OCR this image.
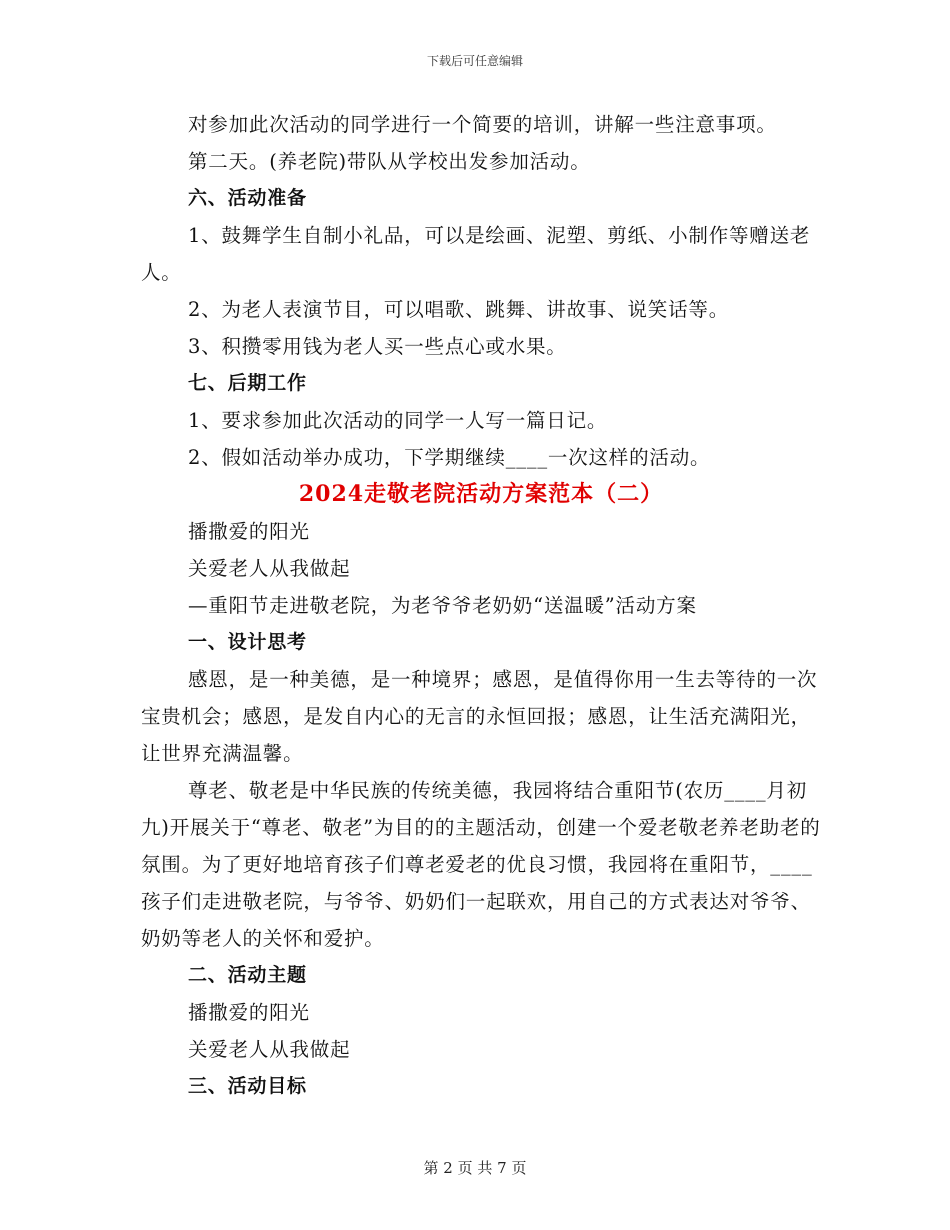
下载后可任意编辑

对参加此次活动的同学进行一个简要的培训，讲解一些注意事项。

第二天。(养老院)带队从学校出发参加活动。

六、活动准备

1、鼓舞学生自制小礼品，可以是绘画、泥塑、剪纸、小制作等赠送老人。

2、为老人表演节目，可以唱歌、跳舞、讲故事、说笑话等。

3、积攒零用钱为老人买一些点心或水果。

七、后期工作

1、要求参加此次活动的同学一人写一篇日记。

2、假如活动举办成功，下学期继续____一次这样的活动。

2024走敬老院活动方案范本（二）

播撒爱的阳光

关爱老人从我做起

—重阳节走进敬老院，为老爷爷老奶奶“送温暖”活动方案

一、设计思考

感恩，是一种美德，是一种境界；感恩，是值得你用一生去等待的一次宝贵机会；感恩，是发自内心的无言的永恒回报；感恩，让生活充满阳光，让世界充满温馨。

尊老、敬老是中华民族的传统美德，我园将结合重阳节(农历____月初九)开展关于“尊老、敬老”为目的的主题活动，创建一个爱老敬老养老助老的氛围。为了更好地培育孩子们尊老爱老的优良习惯，我园将在重阳节，____孩子们走进敬老院，与爷爷、奶奶们一起联欢，用自己的方式表达对爷爷、奶奶等老人的关怀和爱护。

二、活动主题

播撒爱的阳光

关爱老人从我做起

三、活动目标

第 2 页 共 7 页
